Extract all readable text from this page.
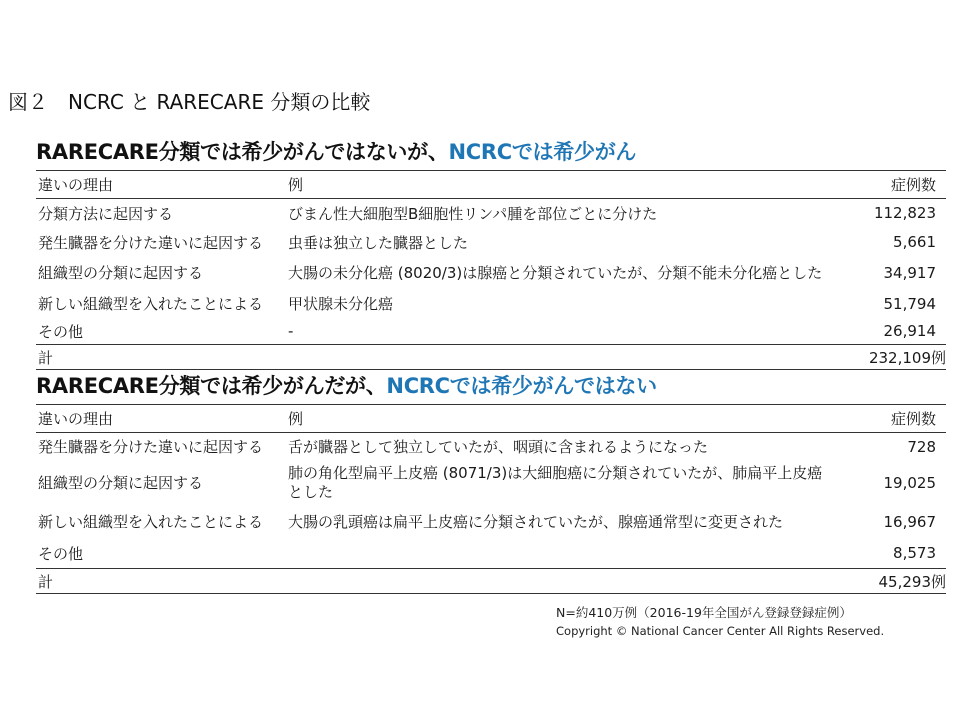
図２　NCRC と RARECARE 分類の比較
RARECARE分類では希少がんではないが、NCRCでは希少がん
違いの理由	例	症例数
分類方法に起因する	びまん性大細胞型B細胞性リンパ腫を部位ごとに分けた	112,823
発生臓器を分けた違いに起因する	虫垂は独立した臓器とした	5,661
組織型の分類に起因する	大腸の未分化癌 (8020/3)は腺癌と分類されていたが、分類不能未分化癌とした	34,917
新しい組織型を入れたことによる	甲状腺未分化癌	51,794
その他	-	26,914
計		232,109例
RARECARE分類では希少がんだが、NCRCでは希少がんではない
違いの理由	例	症例数
発生臓器を分けた違いに起因する	舌が臓器として独立していたが、咽頭に含まれるようになった	728
組織型の分類に起因する	肺の角化型扁平上皮癌 (8071/3)は大細胞癌に分類されていたが、肺扁平上皮癌とした	19,025
新しい組織型を入れたことによる	大腸の乳頭癌は扁平上皮癌に分類されていたが、腺癌通常型に変更された	16,967
その他		8,573
計		45,293例
N=約410万例（2016-19年全国がん登録登録症例）
Copyright © National Cancer Center All Rights Reserved.
